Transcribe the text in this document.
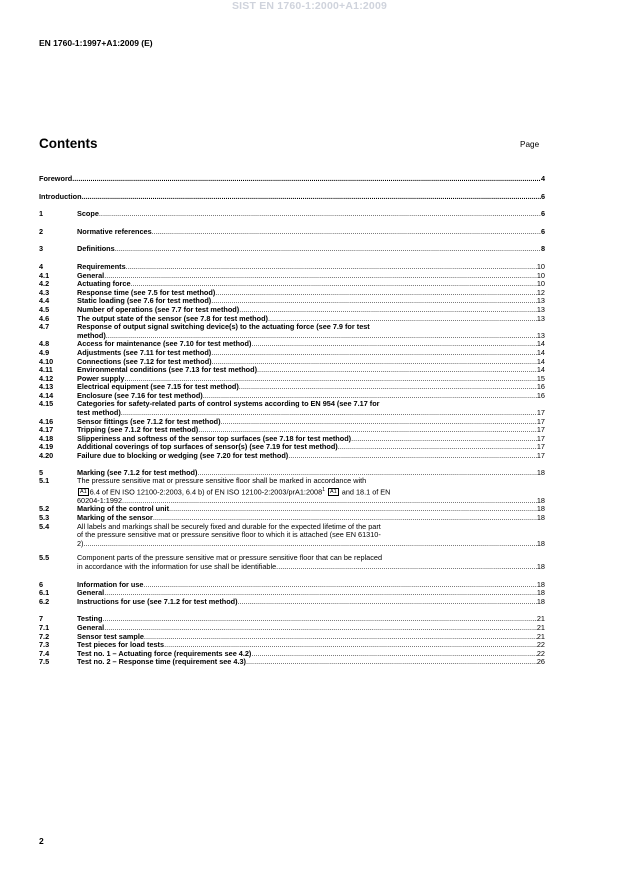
SIST EN 1760-1:2000+A1:2009
EN 1760-1:1997+A1:2009 (E)
Contents	Page
Foreword .....	4
Introduction .....	6
1	Scope .....	6
2	Normative references .....	6
3	Definitions .....	8
4	Requirements .....	10
4.1	General .....	10
4.2	Actuating force .....	10
4.3	Response time (see 7.5 for test method) .....	12
4.4	Static loading (see 7.6 for test method) .....	13
4.5	Number of operations (see 7.7 for test method) .....	13
4.6	The output state of the sensor (see 7.8 for test method) .....	13
4.7	Response of output signal switching device(s) to the actuating force (see 7.9 for test
method) .....	13
4.8	Access for maintenance (see 7.10 for test method) .....	14
4.9	Adjustments (see 7.11 for test method) .....	14
4.10	Connections (see 7.12 for test method) .....	14
4.11	Environmental conditions (see 7.13 for test method) .....	14
4.12	Power supply .....	15
4.13	Electrical equipment (see 7.15 for test method) .....	16
4.14	Enclosure (see 7.16 for test method) .....	16
4.15	Categories for safety-related parts of control systems according to EN 954 (see 7.17 for
test method) .....	17
4.16	Sensor fittings (see 7.1.2 for test method) .....	17
4.17	Tripping (see 7.1.2 for test method) .....	17
4.18	Slipperiness and softness of the sensor top surfaces (see 7.18 for test method) .....	17
4.19	Additional coverings of top surfaces of sensor(s) (see 7.19 for test method) .....	17
4.20	Failure due to blocking or wedging (see 7.20 for test method) .....	17
5	Marking (see 7.1.2 for test method) .....	18
5.1	The pressure sensitive mat or pressure sensitive floor shall be marked in accordance with
A1 6.4 of EN ISO 12100-2:2003, 6.4 b) of EN ISO 12100-2:2003/prA1:2008$^1$ A1 and 18.1 of EN
60204-1:1992. .....	18
5.2	Marking of the control unit .....	18
5.3	Marking of the sensor .....	18
5.4	All labels and markings shall be securely fixed and durable for the expected lifetime of the part
of the pressure sensitive mat or pressure sensitive floor to which it is attached (see EN 61310-
2). .....	18
5.5	Component parts of the pressure sensitive mat or pressure sensitive floor that can be replaced
in accordance with the information for use shall be identifiable. .....	18
6	Information for use .....	18
6.1	General .....	18
6.2	Instructions for use (see 7.1.2 for test method) .....	18
7	Testing .....	21
7.1	General .....	21
7.2	Sensor test sample .....	21
7.3	Test pieces for load tests .....	22
7.4	Test no. 1 – Actuating force (requirements see 4.2) .....	22
7.5	Test no. 2 – Response time (requirement see 4.3) .....	26
2
